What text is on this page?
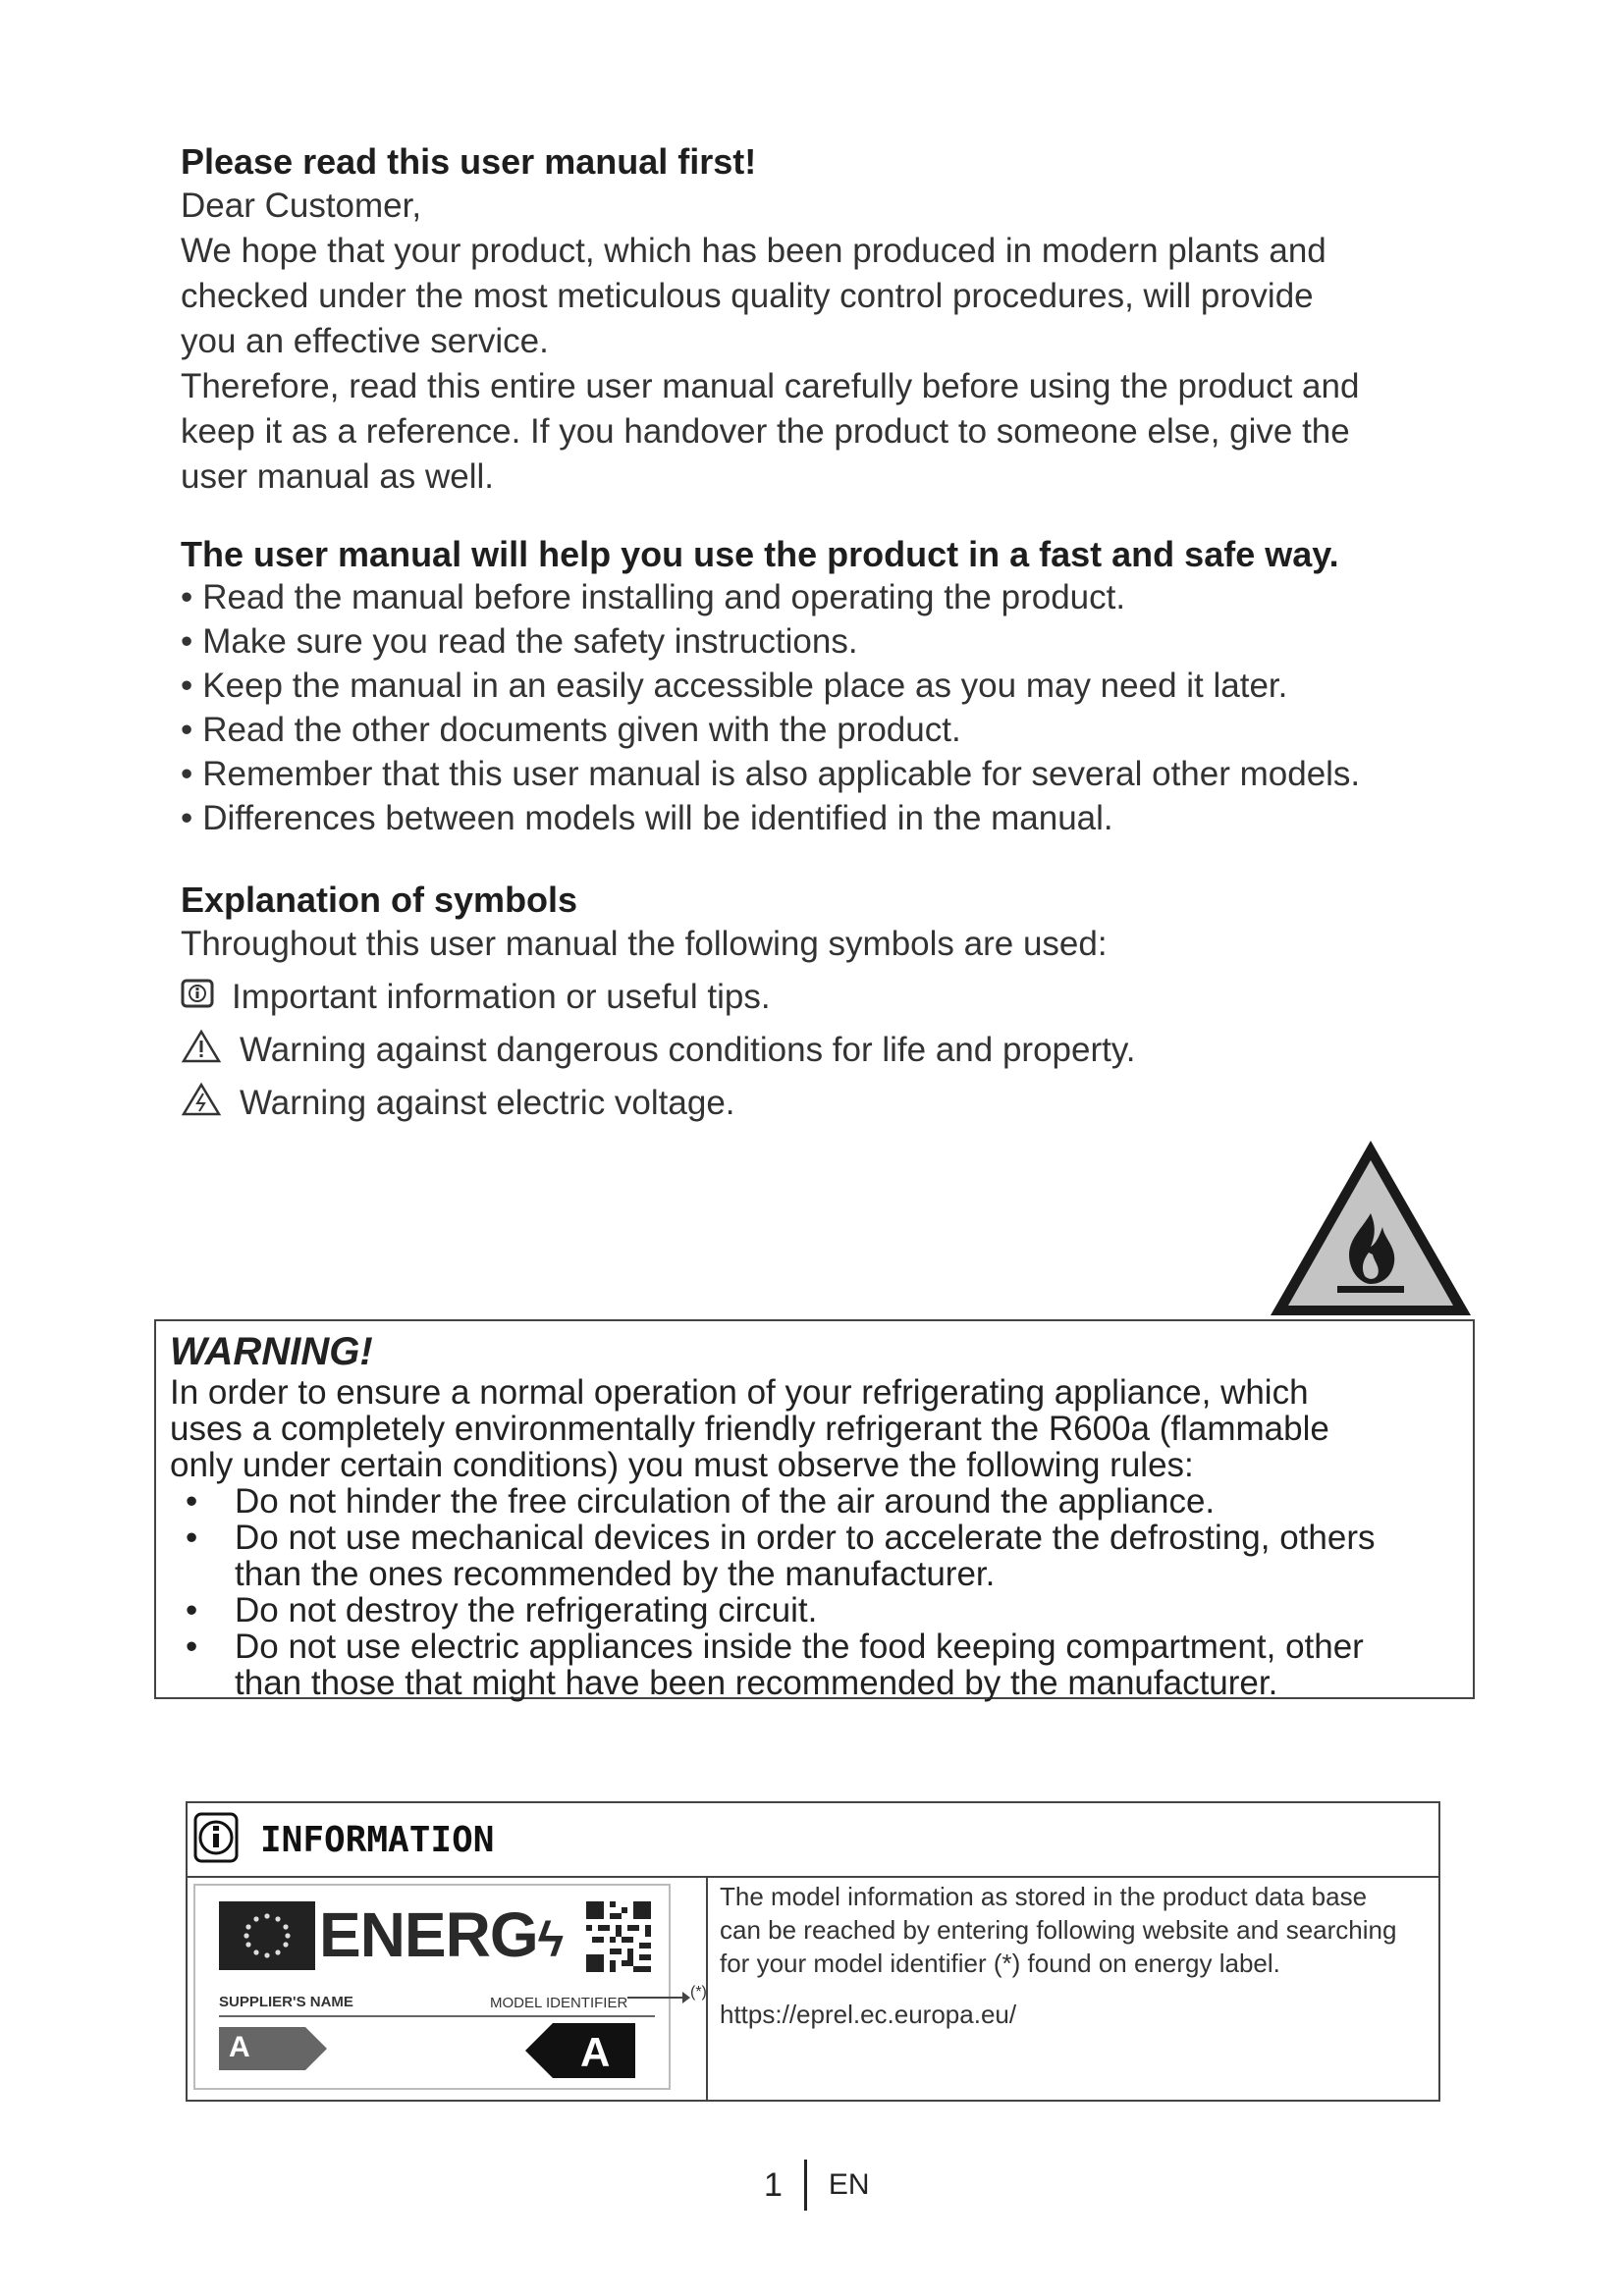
Please read this user manual first!

Dear Customer,
We hope that your product, which has been produced in modern plants and
checked under the most meticulous quality control procedures, will provide
you an effective service.
Therefore, read this entire user manual carefully before using the product and
keep it as a reference. If you handover the product to someone else, give the
user manual as well.

The user manual will help you use the product in a fast and safe way.

• Read the manual before installing and operating the product.
• Make sure you read the safety instructions.
• Keep the manual in an easily accessible place as you may need it later.
• Read the other documents given with the product.
• Remember that this user manual is also applicable for several other models.
• Differences between models will be identified in the manual.

Explanation of symbols

Throughout this user manual the following symbols are used:
Important information or useful tips.
Warning against dangerous conditions for life and property.
Warning against electric voltage.

WARNING!

In order to ensure a normal operation of your refrigerating appliance, which
uses a completely environmentally friendly refrigerant the R600a (flammable
only under certain conditions) you must observe the following rules:
• Do not hinder the free circulation of the air around the appliance.
• Do not use mechanical devices in order to accelerate the defrosting, others
than the ones recommended by the manufacturer.
• Do not destroy the refrigerating circuit.
• Do not use electric appliances inside the food keeping compartment, other
than those that might have been recommended by the manufacturer.
INFORMATION
ENERGϟ
SUPPLIER'S NAME	MODEL IDENTIFIER
A	A
(*)
The model information as stored in the product data base
can be reached by entering following website and searching
for your model identifier (*) found on energy label.
https://eprel.ec.europa.eu/
1 EN
